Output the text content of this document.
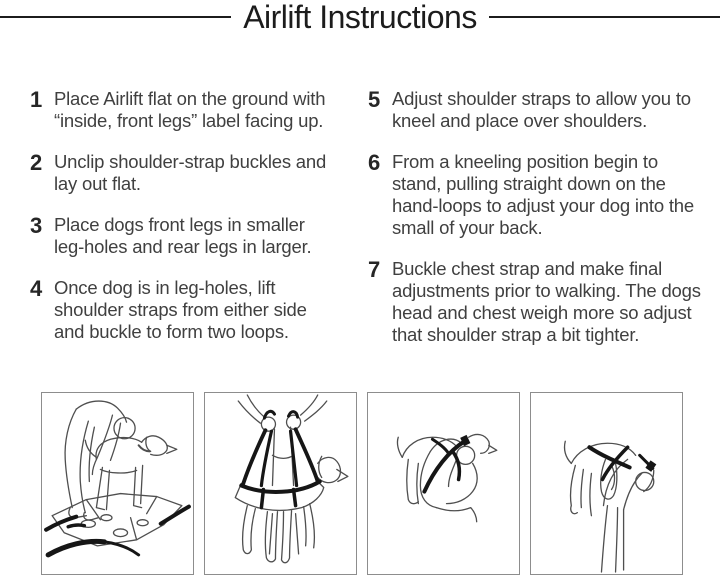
Airlift Instructions
1 Place Airlift flat on the ground with “inside, front legs” label facing up.
2 Unclip shoulder-strap buckles and lay out flat.
3 Place dogs front legs in smaller leg-holes and rear legs in larger.
4 Once dog is in leg-holes, lift shoulder straps from either side and buckle to form two loops.
5 Adjust shoulder straps to allow you to kneel and place over shoulders.
6 From a kneeling position begin to stand, pulling straight down on the hand-loops to adjust your dog into the small of your back.
7 Buckle chest strap and make final adjustments prior to walking. The dogs head and chest weigh more so adjust that shoulder strap a bit tighter.
